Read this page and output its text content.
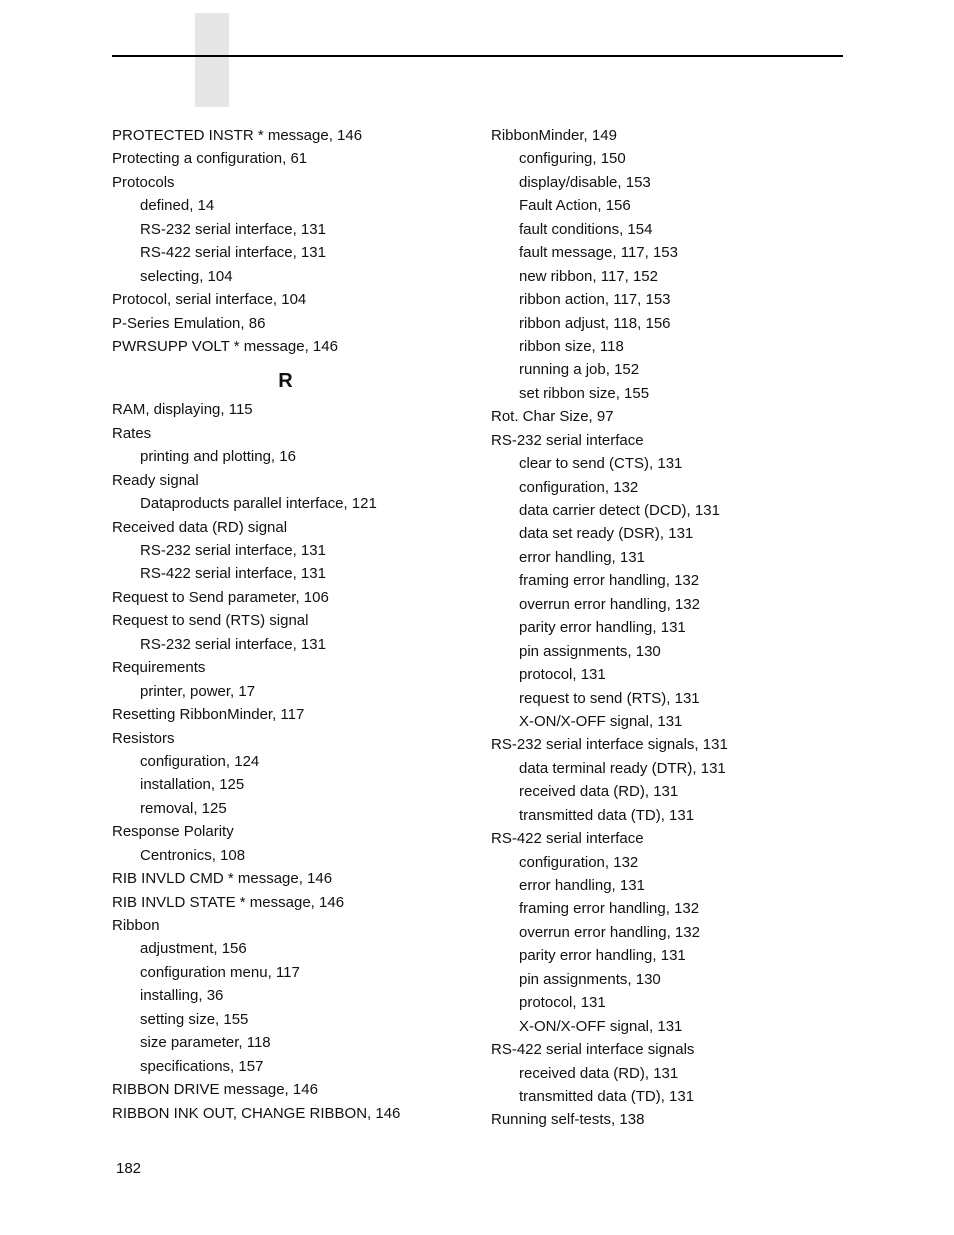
PROTECTED INSTR * message, 146
Protecting a configuration, 61
Protocols
defined, 14
RS-232 serial interface, 131
RS-422 serial interface, 131
selecting, 104
Protocol, serial interface, 104
P-Series Emulation, 86
PWRSUPP VOLT * message, 146
R
RAM, displaying, 115
Rates
printing and plotting, 16
Ready signal
Dataproducts parallel interface, 121
Received data (RD) signal
RS-232 serial interface, 131
RS-422 serial interface, 131
Request to Send parameter, 106
Request to send (RTS) signal
RS-232 serial interface, 131
Requirements
printer, power, 17
Resetting RibbonMinder, 117
Resistors
configuration, 124
installation, 125
removal, 125
Response Polarity
Centronics, 108
RIB INVLD CMD * message, 146
RIB INVLD STATE * message, 146
Ribbon
adjustment, 156
configuration menu, 117
installing, 36
setting size, 155
size parameter, 118
specifications, 157
RIBBON DRIVE message, 146
RIBBON INK OUT, CHANGE RIBBON, 146
RibbonMinder, 149
configuring, 150
display/disable, 153
Fault Action, 156
fault conditions, 154
fault message, 117, 153
new ribbon, 117, 152
ribbon action, 117, 153
ribbon adjust, 118, 156
ribbon size, 118
running a job, 152
set ribbon size, 155
Rot. Char Size, 97
RS-232 serial interface
clear to send (CTS), 131
configuration, 132
data carrier detect (DCD), 131
data set ready (DSR), 131
error handling, 131
framing error handling, 132
overrun error handling, 132
parity error handling, 131
pin assignments, 130
protocol, 131
request to send (RTS), 131
X-ON/X-OFF signal, 131
RS-232 serial interface signals, 131
data terminal ready (DTR), 131
received data (RD), 131
transmitted data (TD), 131
RS-422 serial interface
configuration, 132
error handling, 131
framing error handling, 132
overrun error handling, 132
parity error handling, 131
pin assignments, 130
protocol, 131
X-ON/X-OFF signal, 131
RS-422 serial interface signals
received data (RD), 131
transmitted data (TD), 131
Running self-tests, 138
182
